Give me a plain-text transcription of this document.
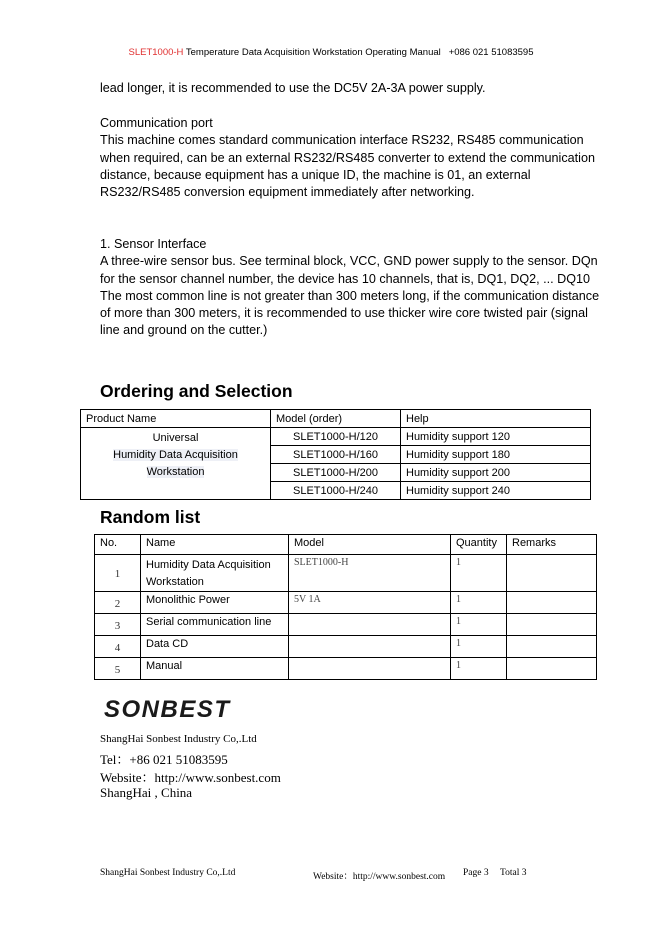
SLET1000-H Temperature Data Acquisition Workstation Operating Manual +086 021 51083595

lead longer, it is recommended to use the DC5V 2A-3A power supply.

Communication port

This machine comes standard communication interface RS232, RS485 communication when required, can be an external RS232/RS485 converter to extend the communication distance, because equipment has a unique ID, the machine is 01, an external RS232/RS485 conversion equipment immediately after networking.

1. Sensor Interface

A three-wire sensor bus. See terminal block, VCC, GND power supply to the sensor. DQn for the sensor channel number, the device has 10 channels, that is, DQ1, DQ2, ... DQ10

The most common line is not greater than 300 meters long, if the communication distance of more than 300 meters, it is recommended to use thicker wire core twisted pair (signal line and ground on the cutter.)

Ordering and Selection
Product Name	Model (order)	Help

Universal
Humidity Data Acquisition
Workstation	SLET1000-H/120	Humidity support 120
	SLET1000-H/160	Humidity support 180
	SLET1000-H/200	Humidity support 200
	SLET1000-H/240	Humidity support 240
Random list
No.	Name	Model	Quantity	Remarks
1	Humidity Data Acquisition Workstation	SLET1000-H	1	
2	Monolithic Power	5V 1A	1	
3	Serial communication line		1	
4	Data CD		1	
5	Manual		1	
SONBEST
ShangHai Sonbest Industry Co,.Ltd
Tel：+86 021 51083595
Website：http://www.sonbest.com
ShangHai , China
ShangHai Sonbest Industry Co,.Ltd	Website：http://www.sonbest.com Page 3 Total 3
